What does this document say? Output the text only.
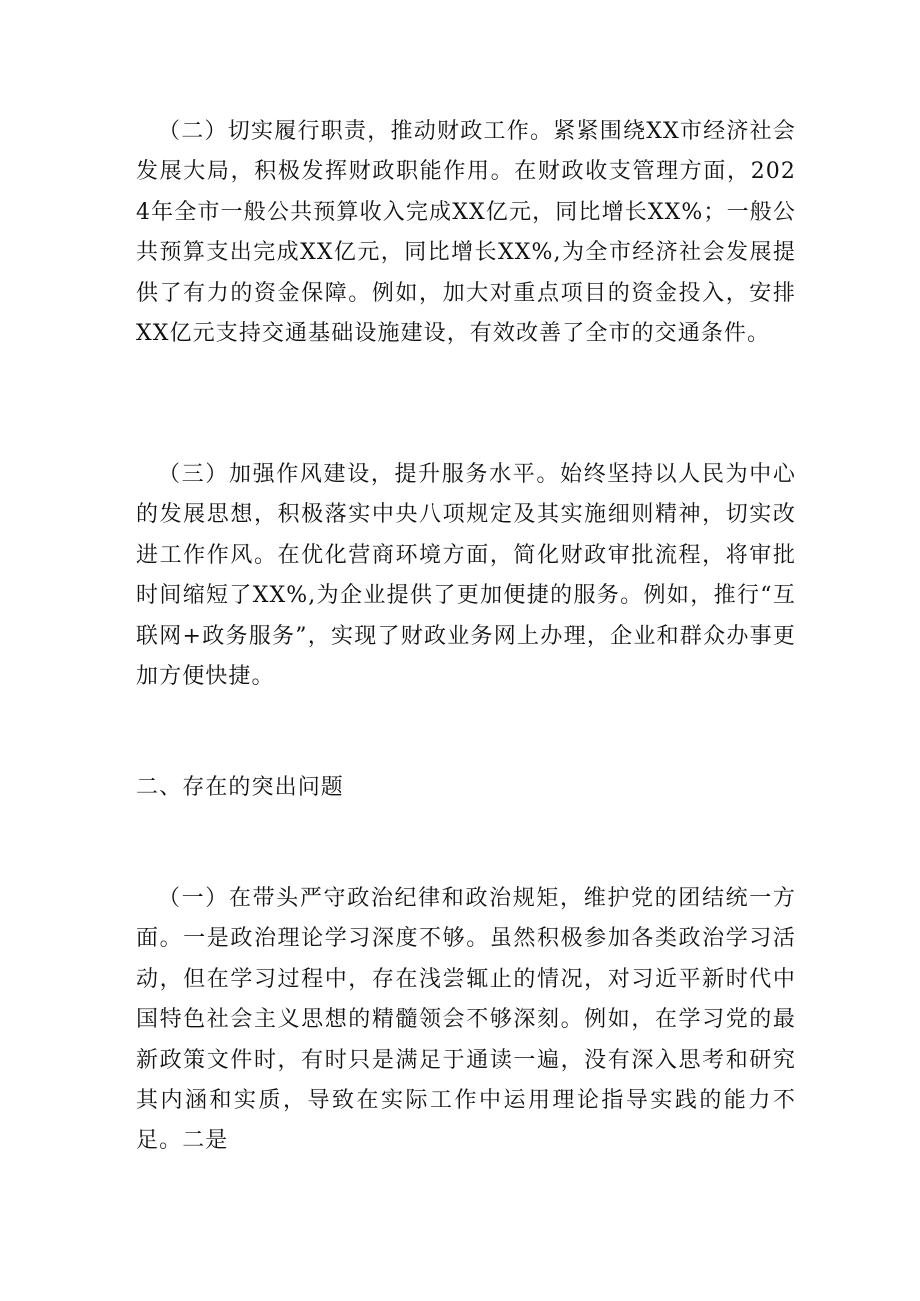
（二）切实履行职责，推动财政工作。紧紧围绕XX市经济社会发展大局，积极发挥财政职能作用。在财政收支管理方面，2024年全市一般公共预算收入完成XX亿元，同比增长XX%；一般公共预算支出完成XX亿元，同比增长XX%,为全市经济社会发展提供了有力的资金保障。例如，加大对重点项目的资金投入，安排XX亿元支持交通基础设施建设，有效改善了全市的交通条件。

（三）加强作风建设，提升服务水平。始终坚持以人民为中心的发展思想，积极落实中央八项规定及其实施细则精神，切实改进工作作风。在优化营商环境方面，简化财政审批流程，将审批时间缩短了XX%,为企业提供了更加便捷的服务。例如，推行“互联网+政务服务”，实现了财政业务网上办理，企业和群众办事更加方便快捷。

二、存在的突出问题

（一）在带头严守政治纪律和政治规矩，维护党的团结统一方面。一是政治理论学习深度不够。虽然积极参加各类政治学习活动，但在学习过程中，存在浅尝辄止的情况，对习近平新时代中国特色社会主义思想的精髓领会不够深刻。例如，在学习党的最新政策文件时，有时只是满足于通读一遍，没有深入思考和研究其内涵和实质，导致在实际工作中运用理论指导实践的能力不足。二是
